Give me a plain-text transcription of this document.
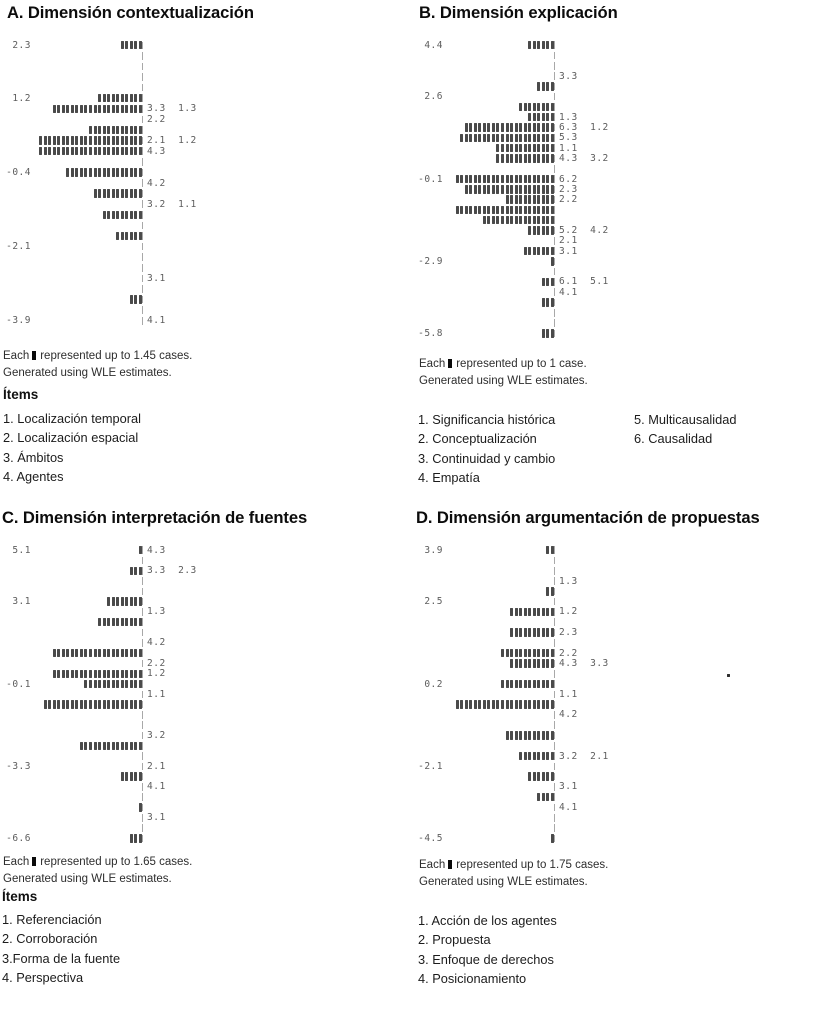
A. Dimensión contextualización
2.3
1.2
3.3  1.3
2.2
2.1  1.2
4.3
-0.4
4.2
3.2  1.1
-2.1
3.1
-3.9	4.1

Each represented up to 1.45 cases.

Generated using WLE estimates.

Ítems
1. Localización temporal
2. Localización espacial
3. Ámbitos
4. Agentes
B. Dimensión explicación
4.4
3.3
2.6
1.3
6.3  1.2
5.3
1.1
4.3  3.2
-0.1	6.2
2.3
2.2
5.2  4.2
2.1
3.1
-2.9
6.1  5.1
4.1
-5.8

Each represented up to 1 case.

Generated using WLE estimates.

1. Significancia histórica
2. Conceptualización
3. Continuidad y cambio
4. Empatía
5. Multicausalidad
6. Causalidad
C. Dimensión interpretación de fuentes
5.1	4.3
3.3  2.3
3.1
1.3
4.2
2.2
1.2
-0.1
1.1
3.2
-3.3	2.1
4.1
3.1
-6.6

Each represented up to 1.65 cases.

Generated using WLE estimates.

Ítems
1. Referenciación
2. Corroboración
3.Forma de la fuente
4. Perspectiva
D. Dimensión argumentación de propuestas
3.9
1.3
2.5
1.2
2.3
2.2
4.3  3.3
0.2
1.1
4.2
3.2  2.1
-2.1
3.1
4.1
-4.5

Each represented up to 1.75 cases.

Generated using WLE estimates.

1. Acción de los agentes
2. Propuesta
3. Enfoque de derechos
4. Posicionamiento
